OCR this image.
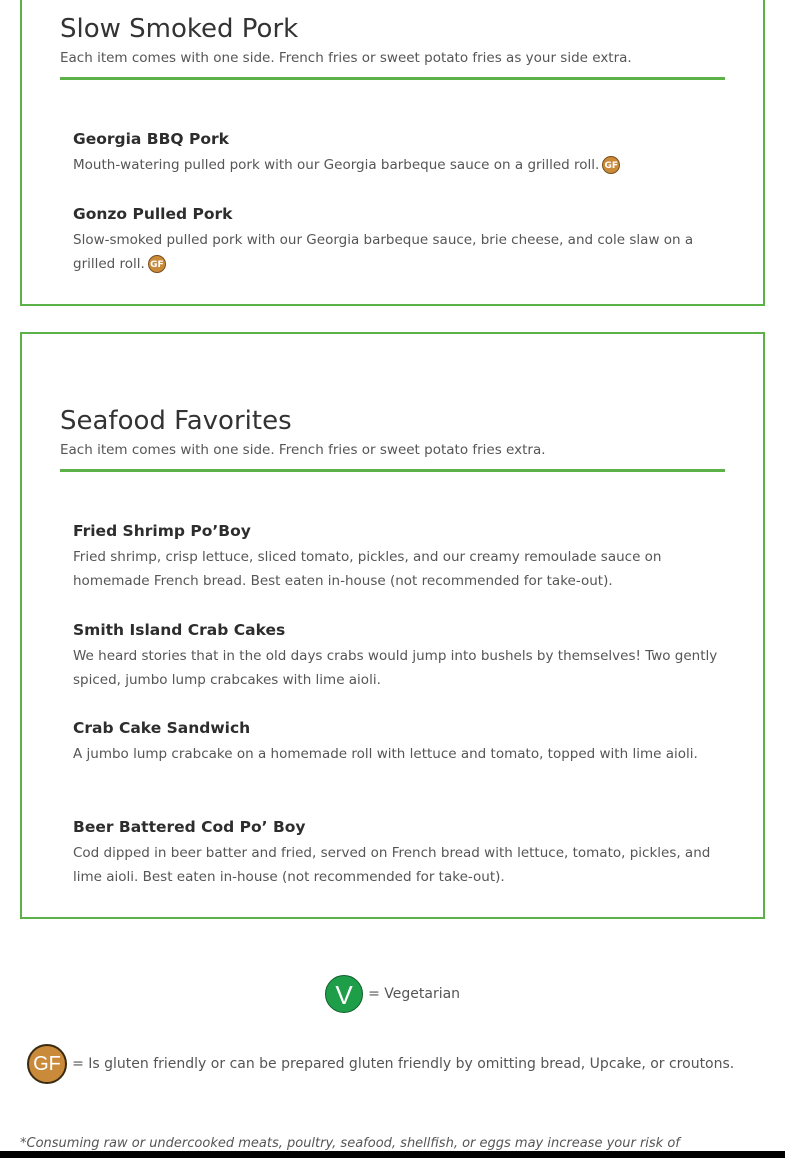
Slow Smoked Pork

Each item comes with one side. French fries or sweet potato fries as your side extra.

Georgia BBQ Pork

Mouth-watering pulled pork with our Georgia barbeque sauce on a grilled roll. GF

Gonzo Pulled Pork

Slow-smoked pulled pork with our Georgia barbeque sauce, brie cheese, and cole slaw on a grilled roll. GF

Seafood Favorites

Each item comes with one side. French fries or sweet potato fries extra.

Fried Shrimp Po’Boy

Fried shrimp, crisp lettuce, sliced tomato, pickles, and our creamy remoulade sauce on homemade French bread. Best eaten in-house (not recommended for take-out).

Smith Island Crab Cakes

We heard stories that in the old days crabs would jump into bushels by themselves! Two gently spiced, jumbo lump crabcakes with lime aioli.

Crab Cake Sandwich

A jumbo lump crabcake on a homemade roll with lettuce and tomato, topped with lime aioli.

Beer Battered Cod Po’ Boy

Cod dipped in beer batter and fried, served on French bread with lettuce, tomato, pickles, and lime aioli. Best eaten in-house (not recommended for take-out).

V = Vegetarian
GF = Is gluten friendly or can be prepared gluten friendly by omitting bread, Upcake, or croutons.
*Consuming raw or undercooked meats, poultry, seafood, shellfish, or eggs may increase your risk of
